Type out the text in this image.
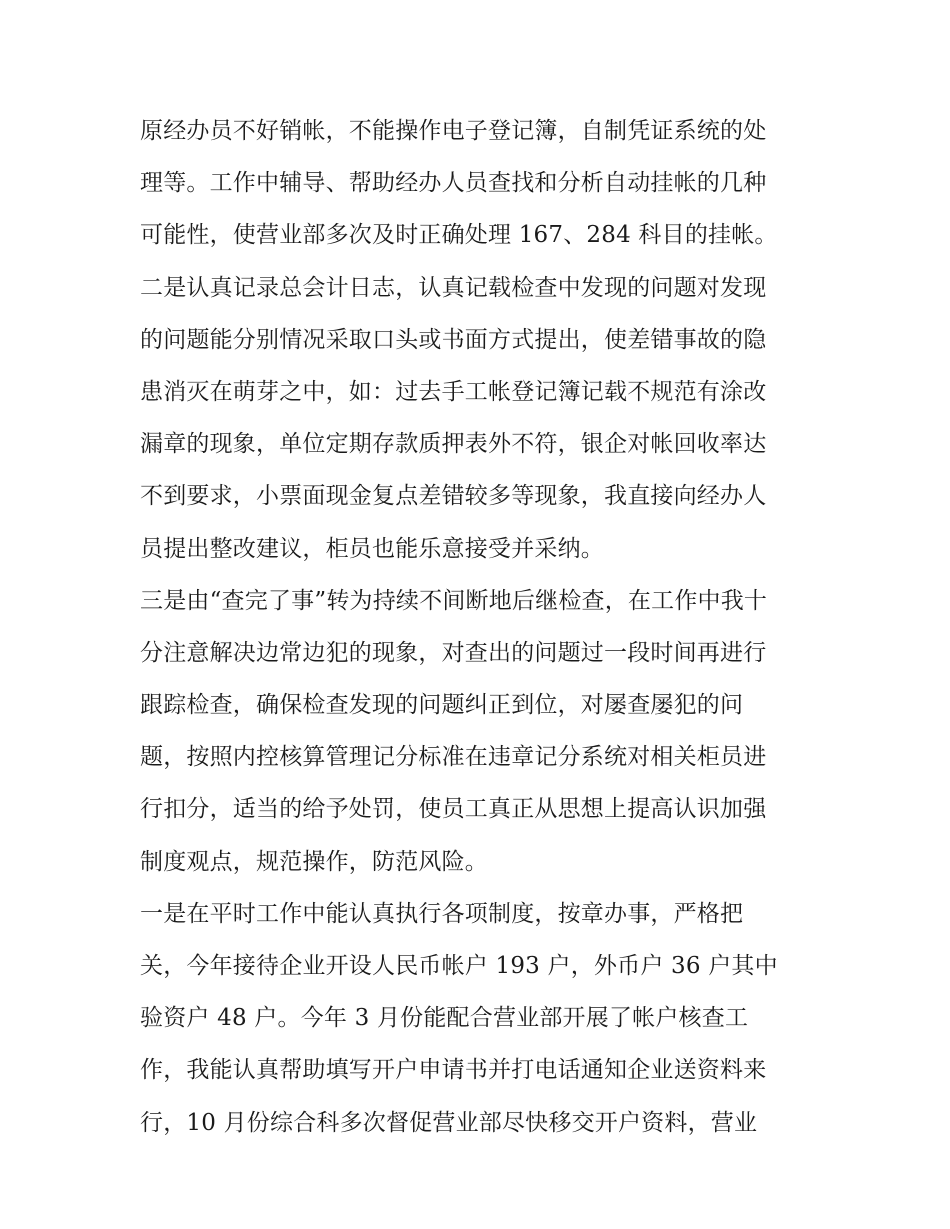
原经办员不好销帐，不能操作电子登记簿，自制凭证系统的处
理等。工作中辅导、帮助经办人员查找和分析自动挂帐的几种
可能性，使营业部多次及时正确处理 167、284 科目的挂帐。
二是认真记录总会计日志，认真记载检查中发现的问题对发现
的问题能分别情况采取口头或书面方式提出，使差错事故的隐
患消灭在萌芽之中，如：过去手工帐登记簿记载不规范有涂改
漏章的现象，单位定期存款质押表外不符，银企对帐回收率达
不到要求，小票面现金复点差错较多等现象，我直接向经办人
员提出整改建议，柜员也能乐意接受并采纳。
三是由“查完了事”转为持续不间断地后继检查，在工作中我十
分注意解决边常边犯的现象，对查出的问题过一段时间再进行
跟踪检查，确保检查发现的问题纠正到位，对屡查屡犯的问
题，按照内控核算管理记分标准在违章记分系统对相关柜员进
行扣分，适当的给予处罚，使员工真正从思想上提高认识加强
制度观点，规范操作，防范风险。
一是在平时工作中能认真执行各项制度，按章办事，严格把
关，今年接待企业开设人民币帐户 193 户，外币户 36 户其中
验资户 48 户。今年 3 月份能配合营业部开展了帐户核查工
作，我能认真帮助填写开户申请书并打电话通知企业送资料来
行，10 月份综合科多次督促营业部尽快移交开户资料，营业
